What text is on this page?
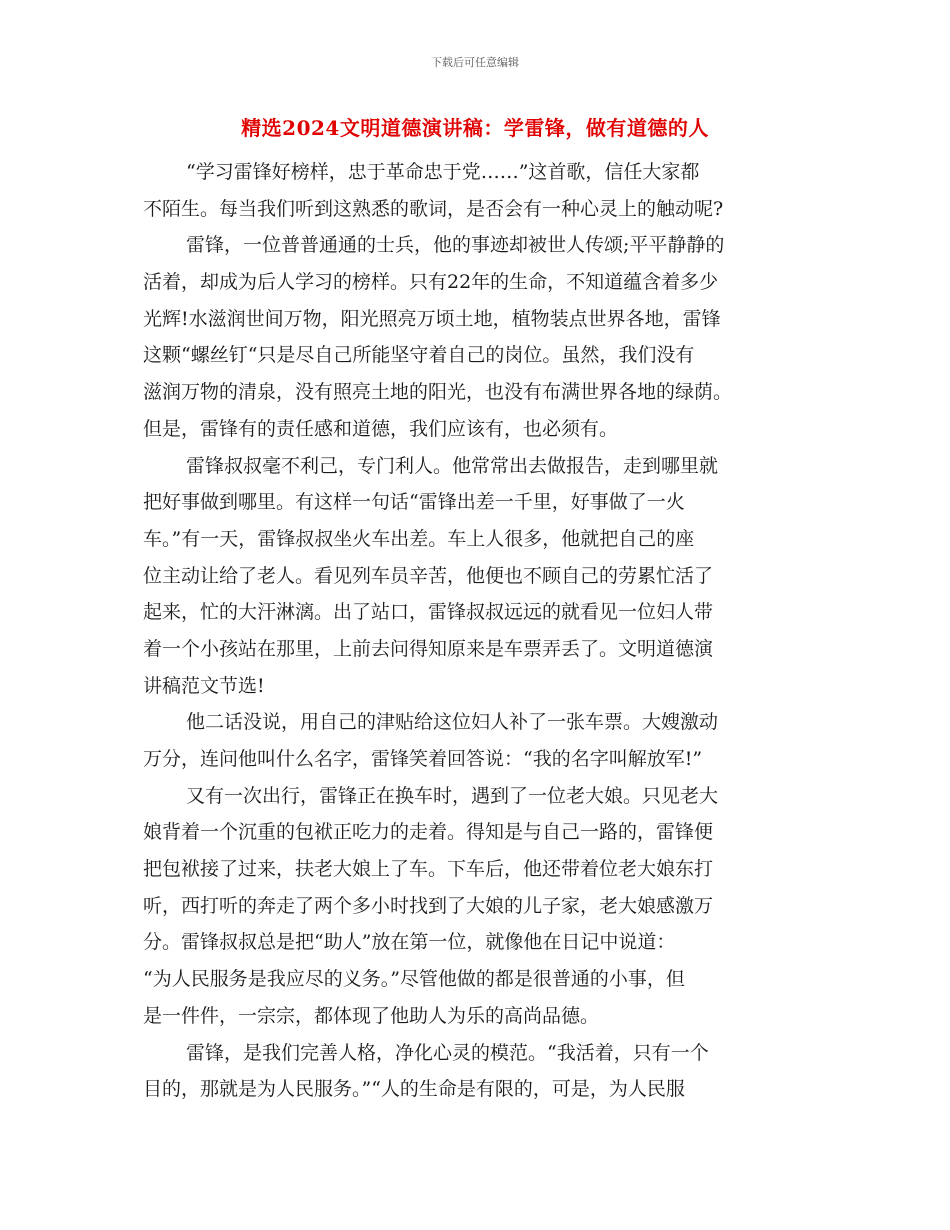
下载后可任意编辑
精选2024文明道德演讲稿：学雷锋，做有道德的人
“学习雷锋好榜样，忠于革命忠于党……”这首歌，信任大家都
不陌生。每当我们听到这熟悉的歌词，是否会有一种心灵上的触动呢?
雷锋，一位普普通通的士兵，他的事迹却被世人传颂;平平静静的
活着，却成为后人学习的榜样。只有22年的生命，不知道蕴含着多少
光辉!水滋润世间万物，阳光照亮万顷土地，植物装点世界各地，雷锋
这颗“螺丝钉“只是尽自己所能坚守着自己的岗位。虽然，我们没有
滋润万物的清泉，没有照亮土地的阳光，也没有布满世界各地的绿荫。
但是，雷锋有的责任感和道德，我们应该有，也必须有。
雷锋叔叔毫不利己，专门利人。他常常出去做报告，走到哪里就
把好事做到哪里。有这样一句话“雷锋出差一千里，好事做了一火
车。”有一天，雷锋叔叔坐火车出差。车上人很多，他就把自己的座
位主动让给了老人。看见列车员辛苦，他便也不顾自己的劳累忙活了
起来，忙的大汗淋漓。出了站口，雷锋叔叔远远的就看见一位妇人带
着一个小孩站在那里，上前去问得知原来是车票弄丢了。文明道德演
讲稿范文节选!
他二话没说，用自己的津贴给这位妇人补了一张车票。大嫂激动
万分，连问他叫什么名字，雷锋笑着回答说：“我的名字叫解放军!”
又有一次出行，雷锋正在换车时，遇到了一位老大娘。只见老大
娘背着一个沉重的包袱正吃力的走着。得知是与自己一路的，雷锋便
把包袱接了过来，扶老大娘上了车。下车后，他还带着位老大娘东打
听，西打听的奔走了两个多小时找到了大娘的儿子家，老大娘感激万
分。雷锋叔叔总是把“助人”放在第一位，就像他在日记中说道：
“为人民服务是我应尽的义务。”尽管他做的都是很普通的小事，但
是一件件，一宗宗，都体现了他助人为乐的高尚品德。
雷锋，是我们完善人格，净化心灵的模范。“我活着，只有一个
目的，那就是为人民服务。”“人的生命是有限的，可是，为人民服
